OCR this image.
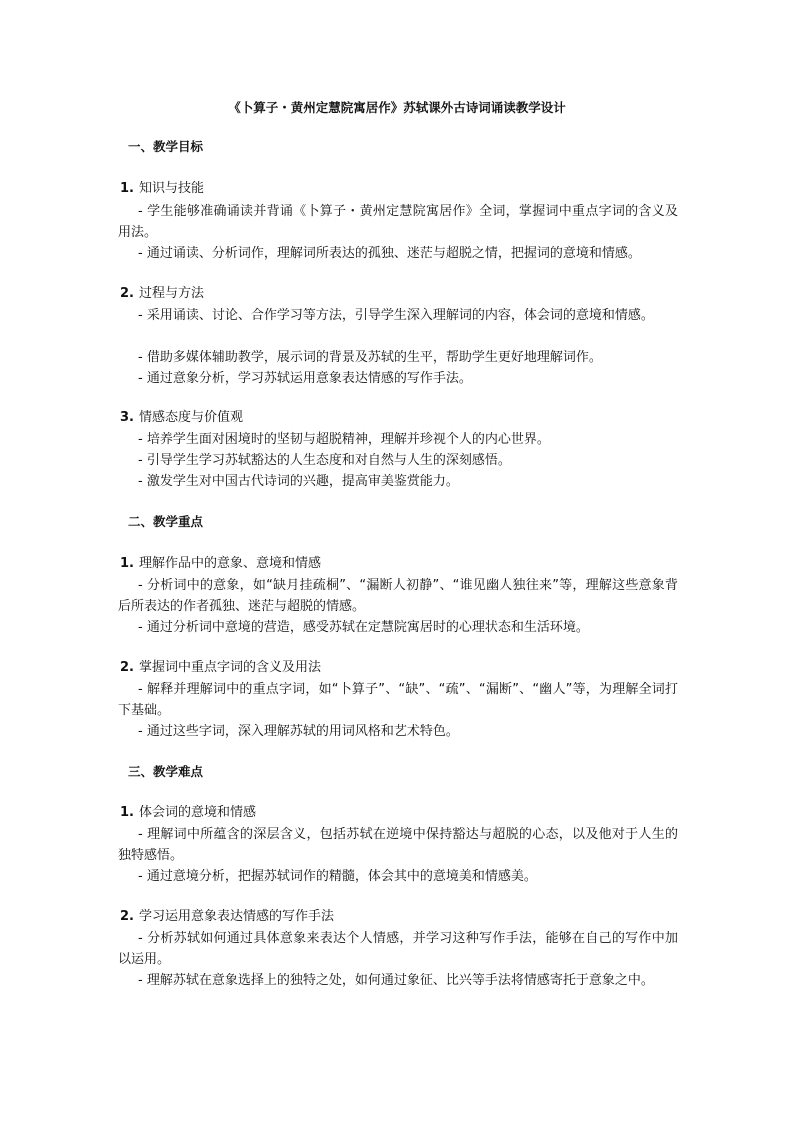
《卜算子・黄州定慧院寓居作》苏轼课外古诗词诵读教学设计
一、教学目标
1. 知识与技能
- 学生能够准确诵读并背诵《卜算子・黄州定慧院寓居作》全词，掌握词中重点字词的含义及用法。
- 通过诵读、分析词作，理解词所表达的孤独、迷茫与超脱之情，把握词的意境和情感。
2. 过程与方法
- 采用诵读、讨论、合作学习等方法，引导学生深入理解词的内容，体会词的意境和情感。
- 借助多媒体辅助教学，展示词的背景及苏轼的生平，帮助学生更好地理解词作。
- 通过意象分析，学习苏轼运用意象表达情感的写作手法。
3. 情感态度与价值观
- 培养学生面对困境时的坚韧与超脱精神，理解并珍视个人的内心世界。
- 引导学生学习苏轼豁达的人生态度和对自然与人生的深刻感悟。
- 激发学生对中国古代诗词的兴趣，提高审美鉴赏能力。
二、教学重点
1. 理解作品中的意象、意境和情感
- 分析词中的意象，如“缺月挂疏桐”、“漏断人初静”、“谁见幽人独往来”等，理解这些意象背后所表达的作者孤独、迷茫与超脱的情感。
- 通过分析词中意境的营造，感受苏轼在定慧院寓居时的心理状态和生活环境。
2. 掌握词中重点字词的含义及用法
- 解释并理解词中的重点字词，如“卜算子”、“缺”、“疏”、“漏断”、“幽人”等，为理解全词打下基础。
- 通过这些字词，深入理解苏轼的用词风格和艺术特色。
三、教学难点
1. 体会词的意境和情感
- 理解词中所蕴含的深层含义，包括苏轼在逆境中保持豁达与超脱的心态，以及他对于人生的独特感悟。
- 通过意境分析，把握苏轼词作的精髓，体会其中的意境美和情感美。
2. 学习运用意象表达情感的写作手法
- 分析苏轼如何通过具体意象来表达个人情感，并学习这种写作手法，能够在自己的写作中加以运用。
- 理解苏轼在意象选择上的独特之处，如何通过象征、比兴等手法将情感寄托于意象之中。
